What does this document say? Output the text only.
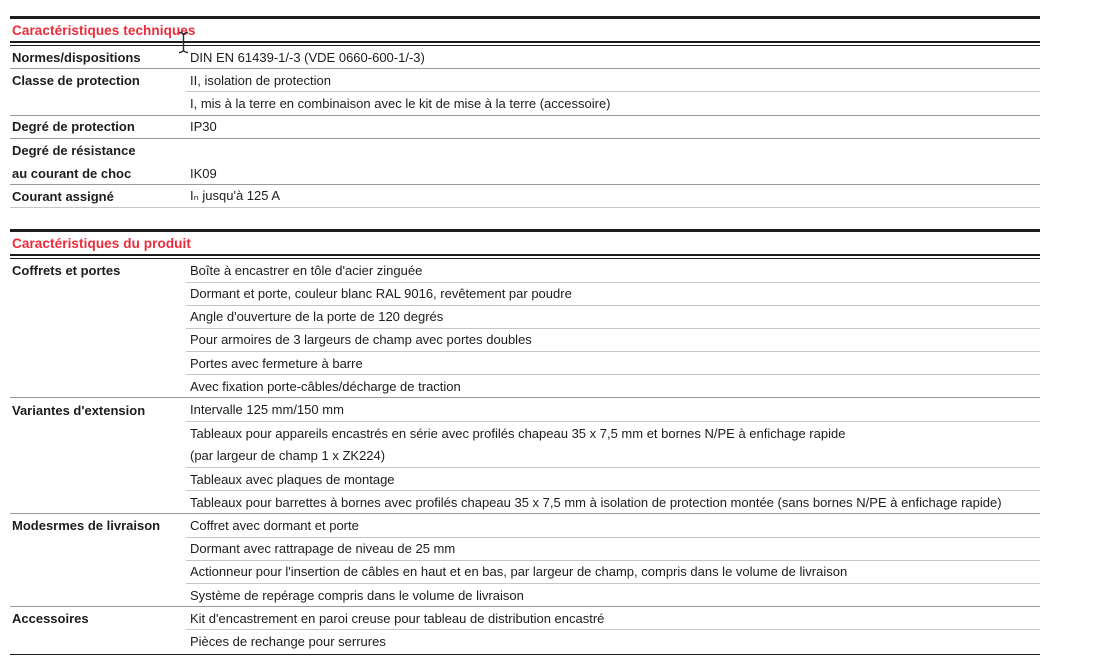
Caractéristiques techniques
Normes/dispositions	DIN EN 61439-1/-3 (VDE 0660-600-1/-3)
Classe de protection	II, isolation de protection
I, mis à la terre en combinaison avec le kit de mise à la terre (accessoire)
Degré de protection	IP30
Degré de résistance
au courant de choc	IK09
Courant assigné	Iₙ jusqu'à 125 A
Caractéristiques du produit
Coffrets et portes	Boîte à encastrer en tôle d'acier zinguée
Dormant et porte, couleur blanc RAL 9016, revêtement par poudre
Angle d'ouverture de la porte de 120 degrés
Pour armoires de 3 largeurs de champ avec portes doubles
Portes avec fermeture à barre
Avec fixation porte-câbles/décharge de traction
Variantes d'extension	Intervalle 125 mm/150 mm
Tableaux pour appareils encastrés en série avec profilés chapeau 35 x 7,5 mm et bornes N/PE à enfichage rapide
(par largeur de champ 1 x ZK224)
Tableaux avec plaques de montage
Tableaux pour barrettes à bornes avec profilés chapeau 35 x 7,5 mm à isolation de protection montée (sans bornes N/PE à enfichage rapide)
Modesrmes de livraison	Coffret avec dormant et porte
Dormant avec rattrapage de niveau de 25 mm
Actionneur pour l'insertion de câbles en haut et en bas, par largeur de champ, compris dans le volume de livraison
Système de repérage compris dans le volume de livraison
Accessoires	Kit d'encastrement en paroi creuse pour tableau de distribution encastré
Pièces de rechange pour serrures
